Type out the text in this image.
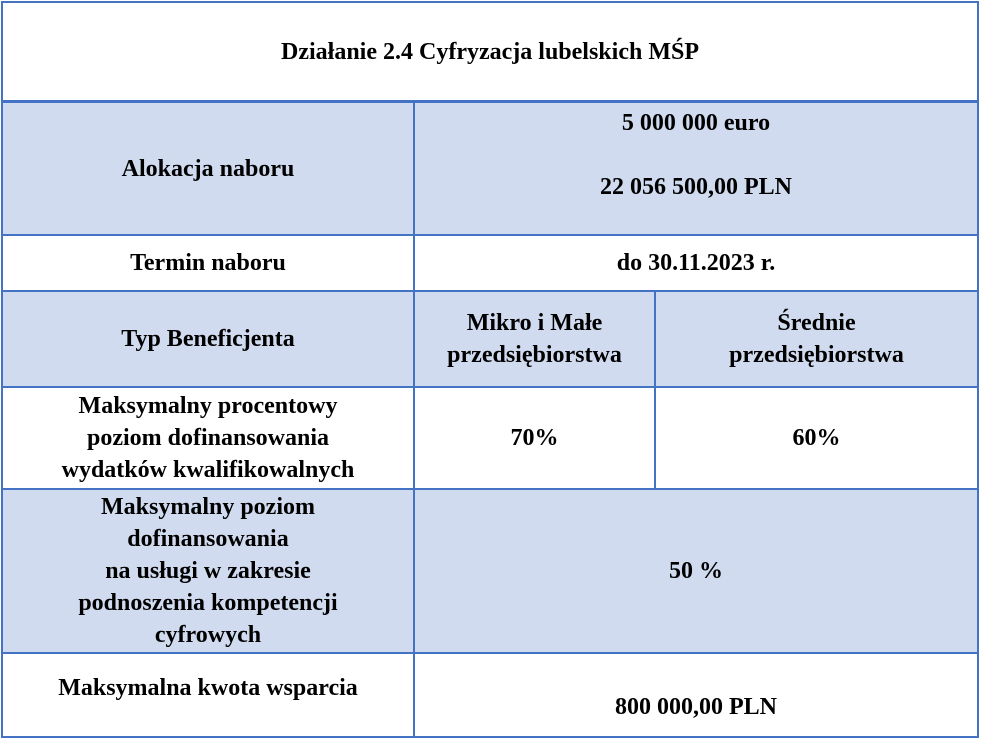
Działanie 2.4 Cyfryzacja lubelskich MŚP
Alokacja naboru
5 000 000 euro
22 056 500,00 PLN
Termin naboru	do 30.11.2023 r.
Typ Beneficjenta
Mikro i Małe
przedsiębiorstwa
Średnie
przedsiębiorstwa
Maksymalny procentowy
poziom dofinansowania
wydatków kwalifikowalnych
70%	60%
Maksymalny poziom
dofinansowania
na usługi w zakresie
podnoszenia kompetencji
cyfrowych
50 %
Maksymalna kwota wsparcia
800 000,00 PLN
